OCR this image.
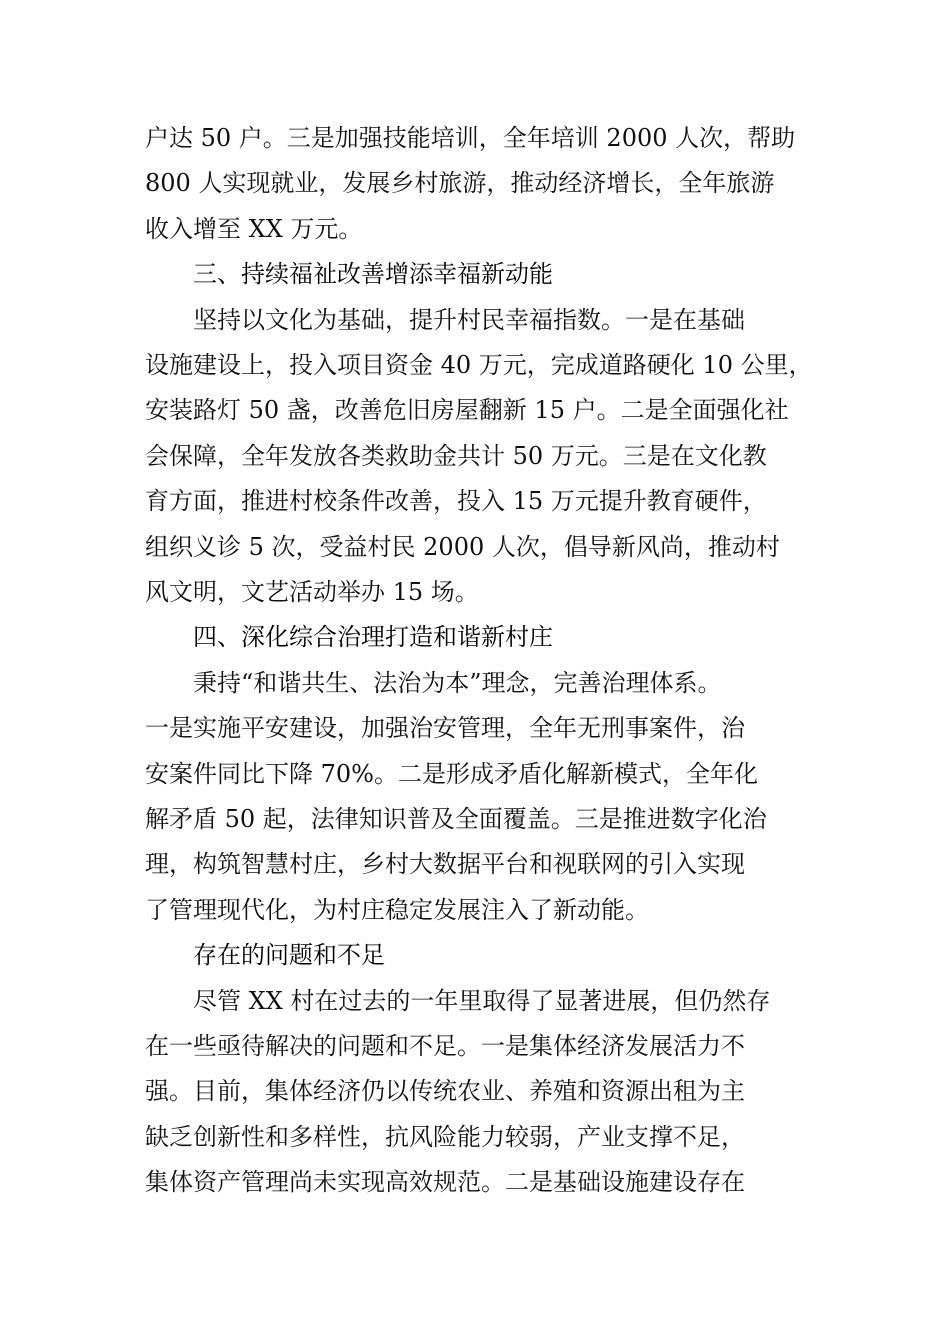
户达 50 户。三是加强技能培训，全年培训 2000 人次，帮助
800 人实现就业，发展乡村旅游，推动经济增长，全年旅游
收入增至 XX 万元。
三、持续福祉改善增添幸福新动能
坚持以文化为基础，提升村民幸福指数。一是在基础
设施建设上，投入项目资金 40 万元，完成道路硬化 10 公里，
安装路灯 50 盏，改善危旧房屋翻新 15 户。二是全面强化社
会保障，全年发放各类救助金共计 50 万元。三是在文化教
育方面，推进村校条件改善，投入 15 万元提升教育硬件，
组织义诊 5 次，受益村民 2000 人次，倡导新风尚，推动村
风文明，文艺活动举办 15 场。
四、深化综合治理打造和谐新村庄
秉持“和谐共生、法治为本”理念，完善治理体系。
一是实施平安建设，加强治安管理，全年无刑事案件，治
安案件同比下降 70%。二是形成矛盾化解新模式，全年化
解矛盾 50 起，法律知识普及全面覆盖。三是推进数字化治
理，构筑智慧村庄，乡村大数据平台和视联网的引入实现
了管理现代化，为村庄稳定发展注入了新动能。
存在的问题和不足
尽管 XX 村在过去的一年里取得了显著进展，但仍然存
在一些亟待解决的问题和不足。一是集体经济发展活力不
强。目前，集体经济仍以传统农业、养殖和资源出租为主
缺乏创新性和多样性，抗风险能力较弱，产业支撑不足，
集体资产管理尚未实现高效规范。二是基础设施建设存在
